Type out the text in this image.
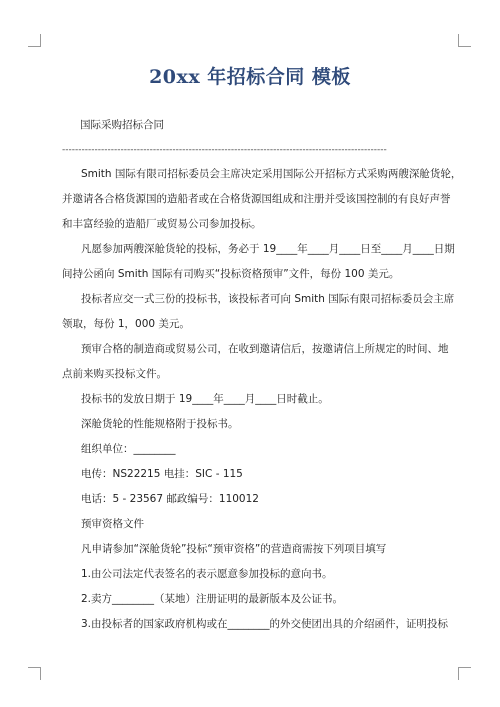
20xx 年招标合同 模板

国际采购招标合同

----------------------------------------------------------------------------------------------------

Smith 国际有限司招标委员会主席决定采用国际公开招标方式采购两艘深舱货轮，

并邀请各合格货源国的造船者或在合格货源国组成和注册并受该国控制的有良好声誉

和丰富经验的造船厂或贸易公司参加投标。

凡愿参加两艘深舱货轮的投标，务必于 19____年____月____日至____月____日期

间持公函向 Smith 国际有司购买“投标资格预审”文件，每份 100 美元。

投标者应交一式三份的投标书，该投标者可向 Smith 国际有限司招标委员会主席

领取，每份 1，000 美元。

预审合格的制造商或贸易公司，在收到邀请信后，按邀请信上所规定的时间、地

点前来购买投标文件。

投标书的发放日期于 19____年____月____日时截止。

深舱货轮的性能规格附于投标书。

组织单位：________

电传：NS22215 电挂：SIC - 115

电话：5 - 23567 邮政编号：110012

预审资格文件

凡申请参加“深舱货轮”投标“预审资格”的营造商需按下列项目填写

1.由公司法定代表签名的表示愿意参加投标的意向书。

2.卖方________（某地）注册证明的最新版本及公证书。

3.由投标者的国家政府机构或在________的外交使团出具的介绍函件，证明投标
